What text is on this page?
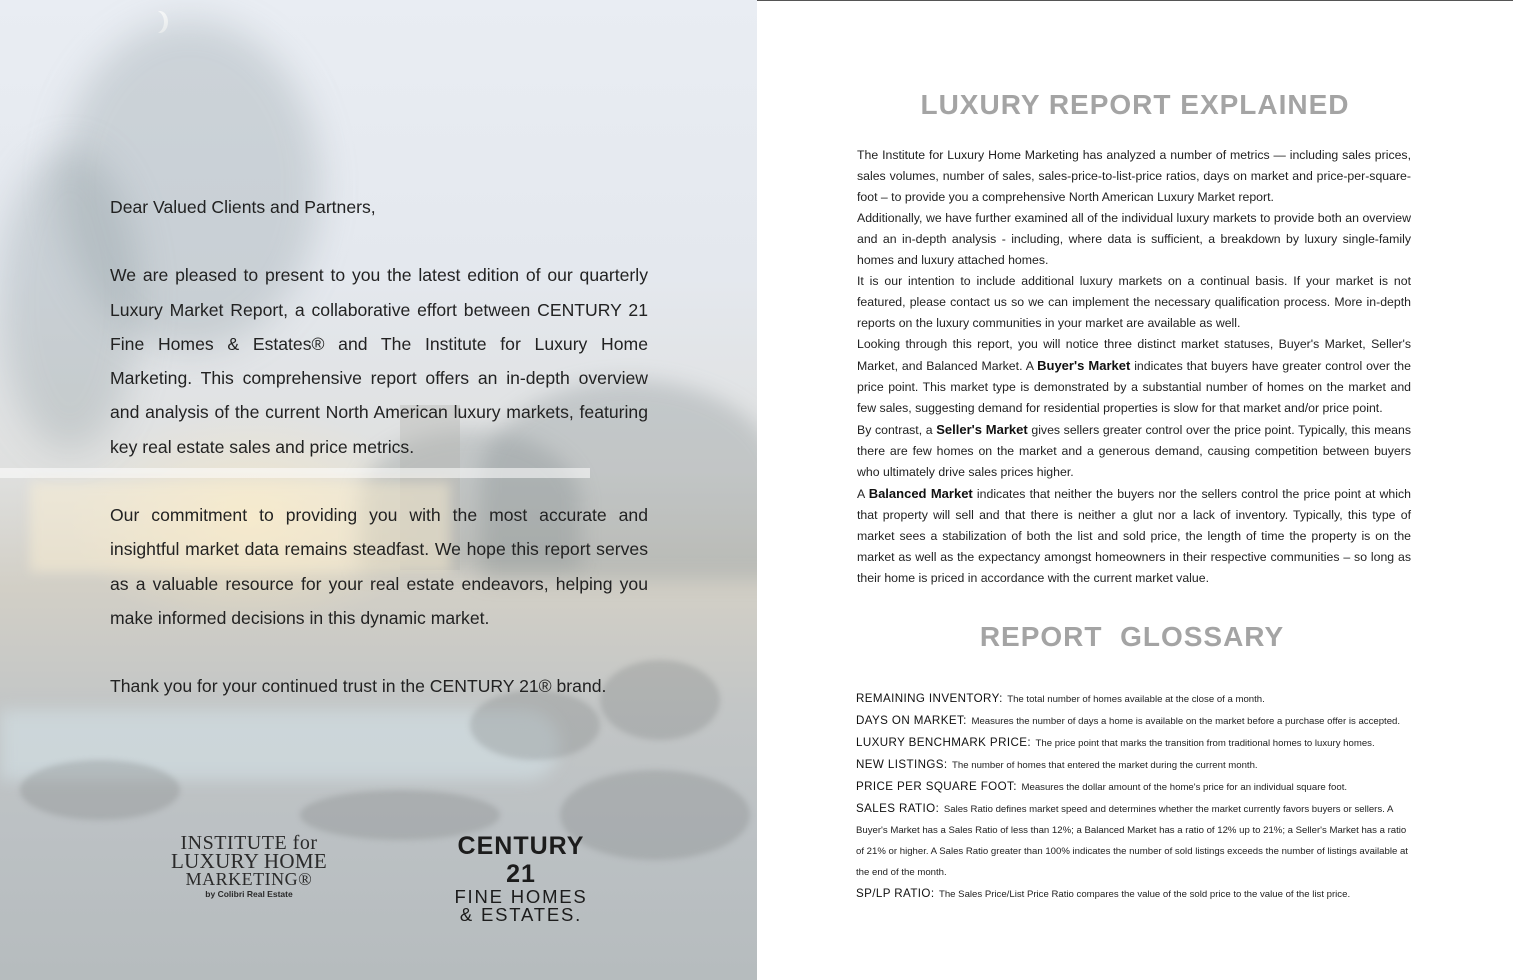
Dear Valued Clients and Partners,

We are pleased to present to you the latest edition of our quarterly Luxury Market Report, a collaborative effort between CENTURY 21 Fine Homes & Estates® and The Institute for Luxury Home Marketing. This comprehensive report offers an in-depth overview and analysis of the current North American luxury markets, featuring key real estate sales and price metrics.

Our commitment to providing you with the most accurate and insightful market data remains steadfast. We hope this report serves as a valuable resource for your real estate endeavors, helping you make informed decisions in this dynamic market.

Thank you for your continued trust in the CENTURY 21® brand.

INSTITUTE for
LUXURY HOME
MARKETING®
by Colibri Real Estate
CENTURY 21
FINE HOMES
& ESTATES.
LUXURY REPORT EXPLAINED

The Institute for Luxury Home Marketing has analyzed a number of metrics — including sales prices, sales volumes, number of sales, sales-price-to-list-price ratios, days on market and price-per-square-foot – to provide you a comprehensive North American Luxury Market report.

Additionally, we have further examined all of the individual luxury markets to provide both an overview and an in-depth analysis - including, where data is sufficient, a breakdown by luxury single-family homes and luxury attached homes.

It is our intention to include additional luxury markets on a continual basis. If your market is not featured, please contact us so we can implement the necessary qualification process. More in-depth reports on the luxury communities in your market are available as well.

Looking through this report, you will notice three distinct market statuses, Buyer's Market, Seller's Market, and Balanced Market. A Buyer's Market indicates that buyers have greater control over the price point. This market type is demonstrated by a substantial number of homes on the market and few sales, suggesting demand for residential properties is slow for that market and/or price point.

By contrast, a Seller's Market gives sellers greater control over the price point. Typically, this means there are few homes on the market and a generous demand, causing competition between buyers who ultimately drive sales prices higher.

A Balanced Market indicates that neither the buyers nor the sellers control the price point at which that property will sell and that there is neither a glut nor a lack of inventory. Typically, this type of market sees a stabilization of both the list and sold price, the length of time the property is on the market as well as the expectancy amongst homeowners in their respective communities – so long as their home is priced in accordance with the current market value.

REPORT  GLOSSARY
REMAINING INVENTORY: The total number of homes available at the close of a month.
DAYS ON MARKET: Measures the number of days a home is available on the market before a purchase offer is accepted.
LUXURY BENCHMARK PRICE: The price point that marks the transition from traditional homes to luxury homes.
NEW LISTINGS: The number of homes that entered the market during the current month.
PRICE PER SQUARE FOOT: Measures the dollar amount of the home's price for an individual square foot.
SALES RATIO: Sales Ratio defines market speed and determines whether the market currently favors buyers or sellers. A Buyer's Market has a Sales Ratio of less than 12%; a Balanced Market has a ratio of 12% up to 21%; a Seller's Market has a ratio of 21% or higher. A Sales Ratio greater than 100% indicates the number of sold listings exceeds the number of listings available at the end of the month.
SP/LP RATIO: The Sales Price/List Price Ratio compares the value of the sold price to the value of the list price.
